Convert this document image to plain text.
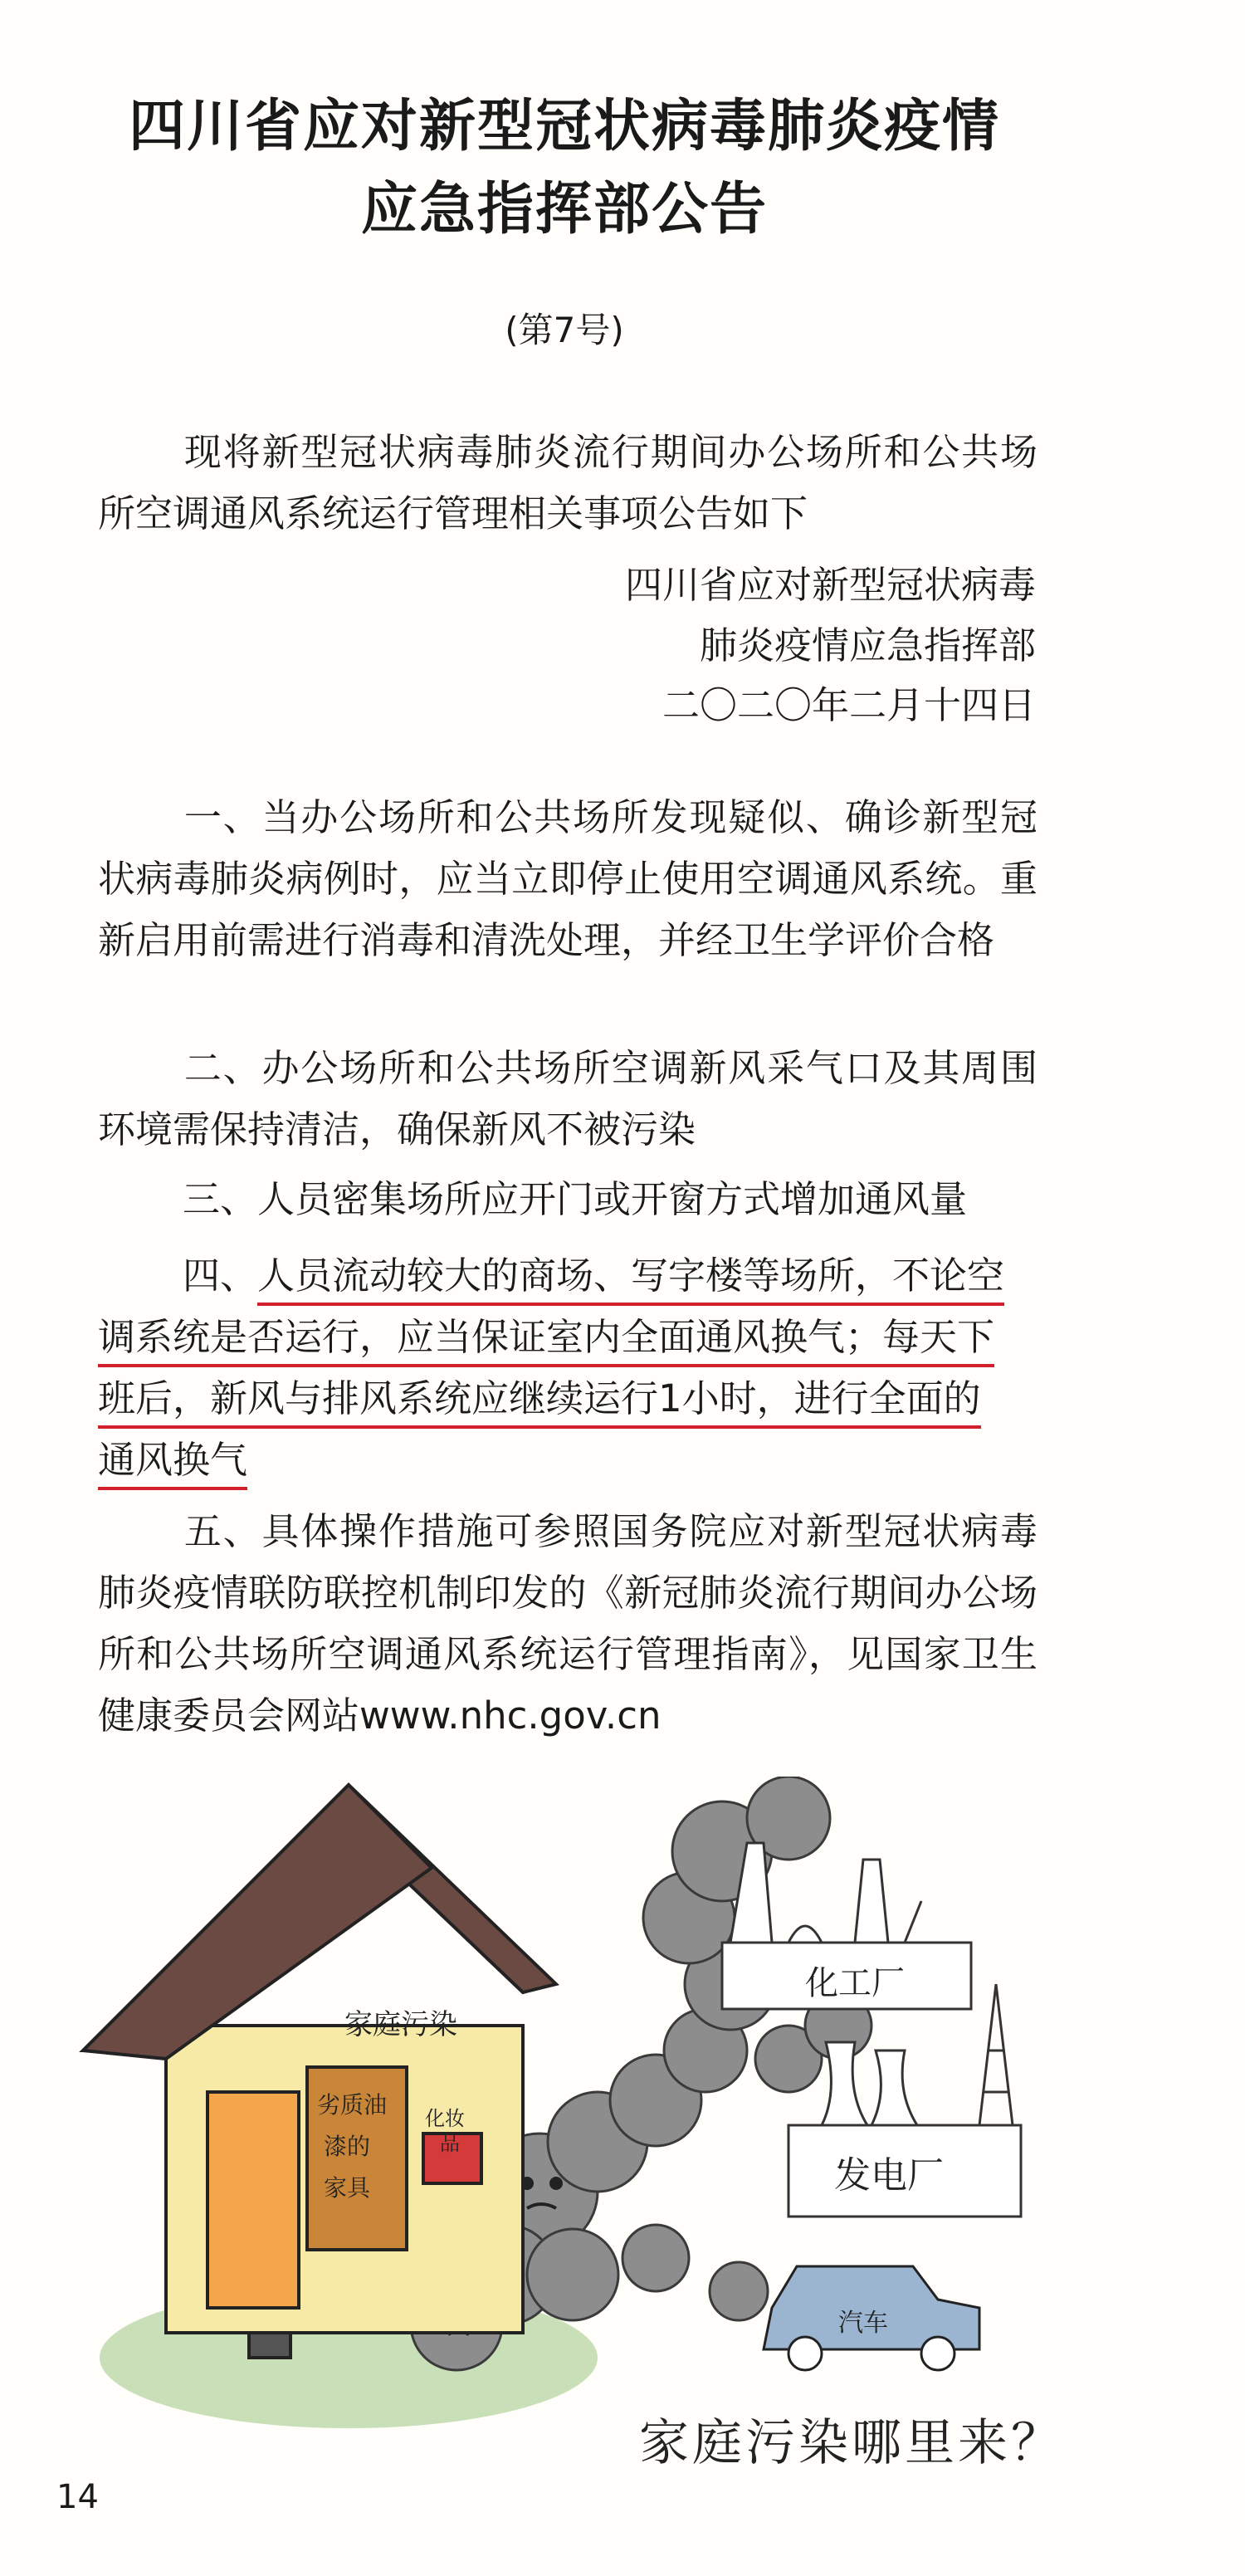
四川省应对新型冠状病毒肺炎疫情
应急指挥部公告
(第7号)
现将新型冠状病毒肺炎流行期间办公场所和公共场所空调通风系统运行管理相关事项公告如下
四川省应对新型冠状病毒
肺炎疫情应急指挥部
二〇二〇年二月十四日
一、当办公场所和公共场所发现疑似、确诊新型冠状病毒肺炎病例时，应当立即停止使用空调通风系统。重新启用前需进行消毒和清洗处理，并经卫生学评价合格
二、办公场所和公共场所空调新风采气口及其周围环境需保持清洁，确保新风不被污染
三、人员密集场所应开门或开窗方式增加通风量
四、人员流动较大的商场、写字楼等场所，不论空
调系统是否运行，应当保证室内全面通风换气；每天下
班后，新风与排风系统应继续运行1小时，进行全面的
通风换气
五、具体操作措施可参照国务院应对新型冠状病毒肺炎疫情联防联控机制印发的《新冠肺炎流行期间办公场所和公共场所空调通风系统运行管理指南》，见国家卫生健康委员会网站www.nhc.gov.cn
化工厂
发电厂
汽车
家庭污染
劣质油
漆的
家具
化妆
品
家庭污染哪里来？
14
